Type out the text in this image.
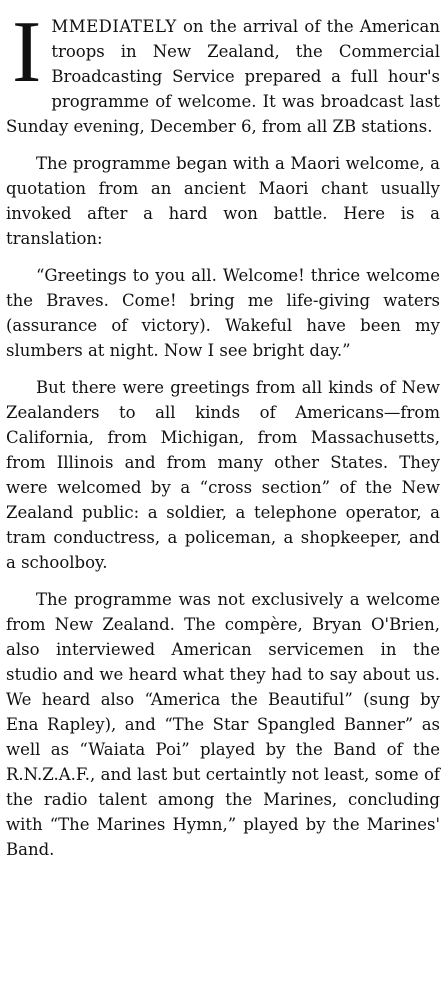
IMMEDIATELY on the arrival of the American troops in New Zealand, the Commercial Broadcasting Service prepared a full hour's programme of welcome. It was broadcast last Sunday evening, December 6, from all ZB stations.

The programme began with a Maori welcome, a quotation from an ancient Maori chant usually invoked after a hard won battle. Here is a translation:

“Greetings to you all. Welcome! thrice welcome the Braves. Come! bring me life-giving waters (assurance of victory). Wakeful have been my slumbers at night. Now I see bright day.”

But there were greetings from all kinds of New Zealanders to all kinds of Americans—from California, from Michigan, from Massachusetts, from Illinois and from many other States. They were welcomed by a “cross section” of the New Zealand public: a soldier, a telephone operator, a tram conductress, a policeman, a shopkeeper, and a schoolboy.

The programme was not exclusively a welcome from New Zealand. The compère, Bryan O'Brien, also interviewed American servicemen in the studio and we heard what they had to say about us. We heard also “America the Beautiful” (sung by Ena Rapley), and “The Star Spangled Banner” as well as “Waiata Poi” played by the Band of the R.N.Z.A.F., and last but certaintly not least, some of the radio talent among the Marines, concluding with “The Marines Hymn,” played by the Marines' Band.
